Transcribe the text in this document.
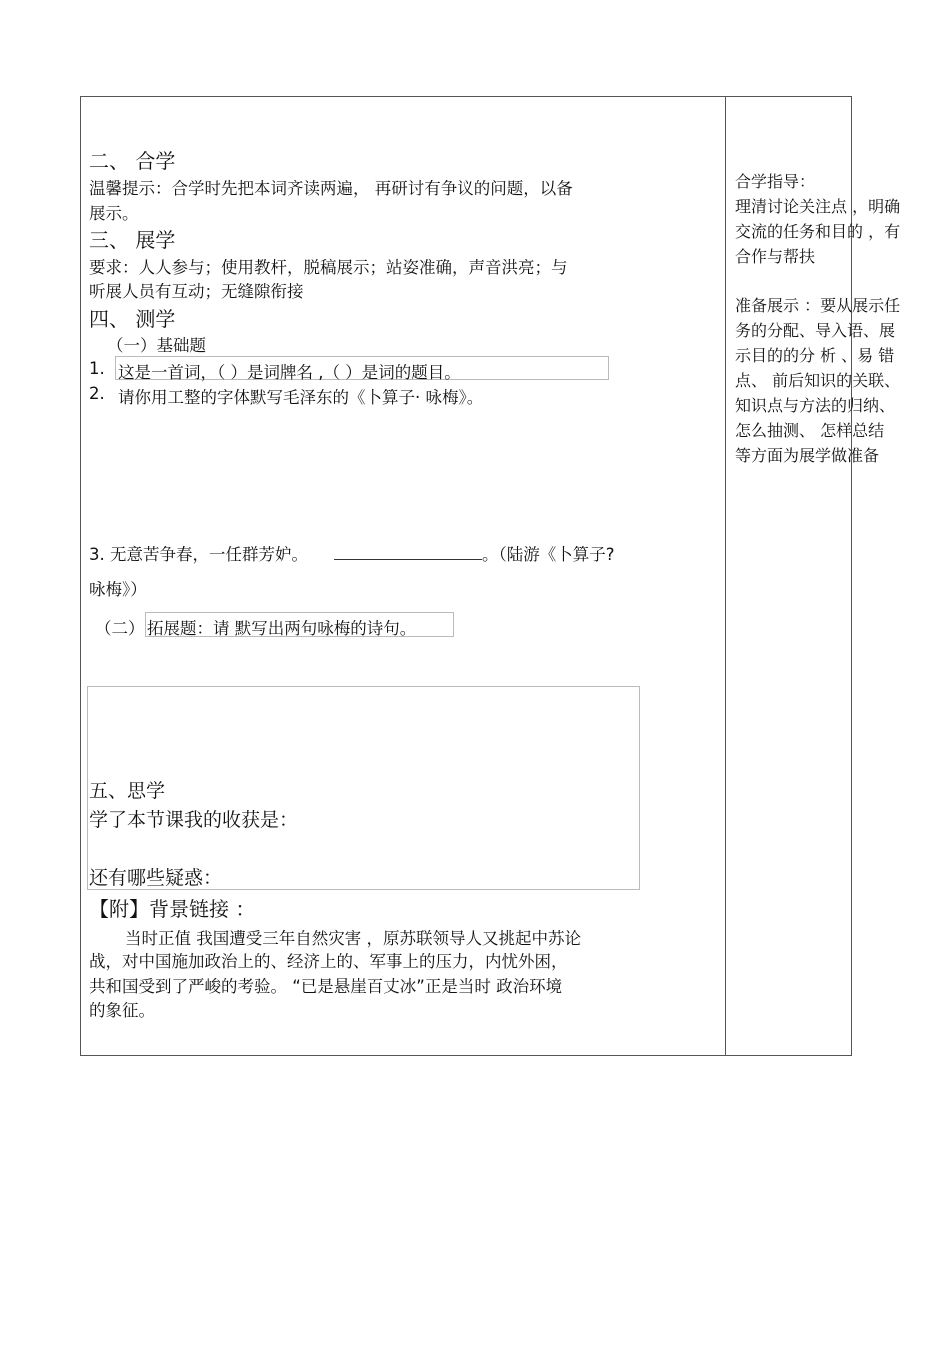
二、 合学
温馨提示：合学时先把本词齐读两遍， 再研讨有争议的问题，以备
展示。
三、 展学
要求：人人参与；使用教杆，脱稿展示；站姿准确，声音洪亮；与
听展人员有互动；无缝隙衔接
四、 测学
（一）基础题
1. 这是一首词，（ ）是词牌名 ,（ ）是词的题目。
2. 请你用工整的字体默写毛泽东的《卜算子· 咏梅》。
3. 无意苦争春，一任群芳妒。	。（陆游《卜算子?
咏梅》）
（二） 拓展题：请 默写出两句咏梅的诗句。
五、思学
学了本节课我的收获是：
还有哪些疑惑：
【附】背景链接 ：
当时正值 我国遭受三年自然灾害 ，原苏联领导人又挑起中苏论
战，对中国施加政治上的、经济上的、军事上的压力，内忧外困，
共和国受到了严峻的考验。 “已是悬崖百丈冰”正是当时 政治环境
的象征。

合学指导：

理清讨论关注点 ，明确

交流的任务和目的 ，有

合作与帮扶

准备展示 ：要从展示任

务的分配、导入语、展

示目的的分 析 、易 错

点、 前后知识的关联、

知识点与方法的归纳、

怎么抽测、 怎样总结

等方面为展学做准备
